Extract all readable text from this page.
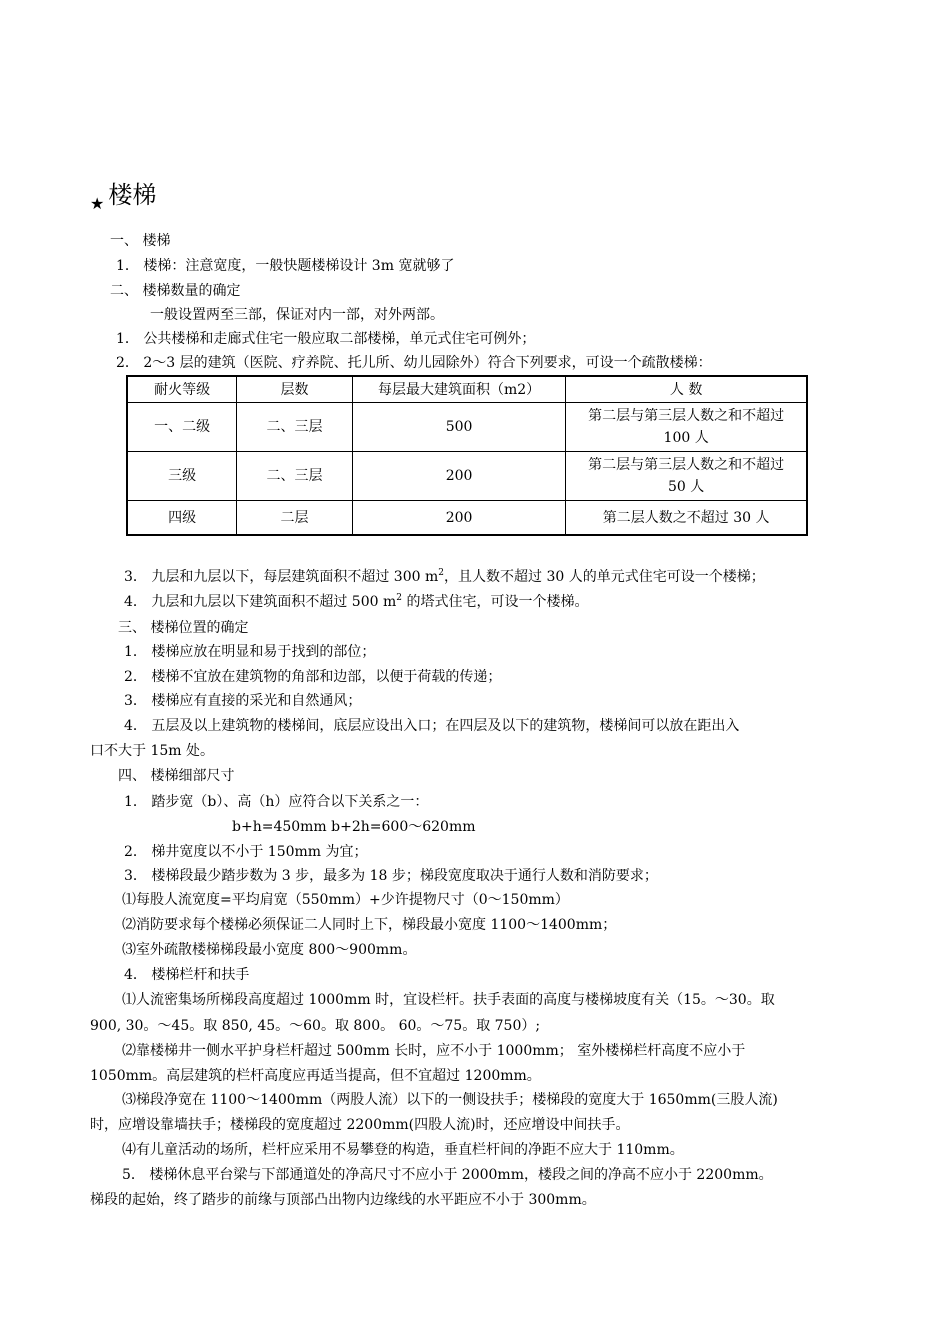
$_★$ 楼梯
一、 楼梯
1． 楼梯：注意宽度，一般快题楼梯设计 3m 宽就够了
二、 楼梯数量的确定
一般设置两至三部，保证对内一部，对外两部。
1． 公共楼梯和走廊式住宅一般应取二部楼梯，单元式住宅可例外；
2． 2～3 层的建筑（医院、疗养院、托儿所、幼儿园除外）符合下列要求，可设一个疏散楼梯：
耐火等级	层数	每层最大建筑面积（m2）	人 数
一、二级	二、三层	500	第二层与第三层人数之和不超过 100 人
三级	二、三层	200	第二层与第三层人数之和不超过 50 人
四级	二层	200	第二层人数之不超过 30 人
3． 九层和九层以下，每层建筑面积不超过 300 $m^2$，且人数不超过 30 人的单元式住宅可设一个楼梯；
4． 九层和九层以下建筑面积不超过 500 $m^2$ 的塔式住宅，可设一个楼梯。
三、 楼梯位置的确定
1． 楼梯应放在明显和易于找到的部位；
2． 楼梯不宜放在建筑物的角部和边部，以便于荷载的传递；
3． 楼梯应有直接的采光和自然通风；
4． 五层及以上建筑物的楼梯间，底层应设出入口；在四层及以下的建筑物，楼梯间可以放在距出入
口不大于 15m 处。
四、 楼梯细部尺寸
1． 踏步宽（b）、高（h）应符合以下关系之一：
b+h=450mm b+2h=600～620mm
2． 梯井宽度以不小于 150mm 为宜；
3． 楼梯段最少踏步数为 3 步，最多为 18 步；梯段宽度取决于通行人数和消防要求；
⑴每股人流宽度=平均肩宽（550mm）+少许提物尺寸（0～150mm）
⑵消防要求每个楼梯必须保证二人同时上下，梯段最小宽度 1100～1400mm；
⑶室外疏散楼梯梯段最小宽度 800～900mm。
4． 楼梯栏杆和扶手
⑴人流密集场所梯段高度超过 1000mm 时，宜设栏杆。扶手表面的高度与楼梯坡度有关（15。～30。取
900, 30。～45。取 850, 45。～60。取 800。 60。～75。取 750）;
⑵靠楼梯井一侧水平护身栏杆超过 500mm 长时，应不小于 1000mm； 室外楼梯栏杆高度不应小于
1050mm。高层建筑的栏杆高度应再适当提高，但不宜超过 1200mm。
⑶梯段净宽在 1100～1400mm（两股人流）以下的一侧设扶手；楼梯段的宽度大于 1650mm(三股人流)
时，应增设靠墙扶手；楼梯段的宽度超过 2200mm(四股人流)时，还应增设中间扶手。
⑷有儿童活动的场所，栏杆应采用不易攀登的构造，垂直栏杆间的净距不应大于 110mm。
5． 楼梯休息平台梁与下部通道处的净高尺寸不应小于 2000mm，楼段之间的净高不应小于 2200mm。
梯段的起始，终了踏步的前缘与顶部凸出物内边缘线的水平距应不小于 300mm。
